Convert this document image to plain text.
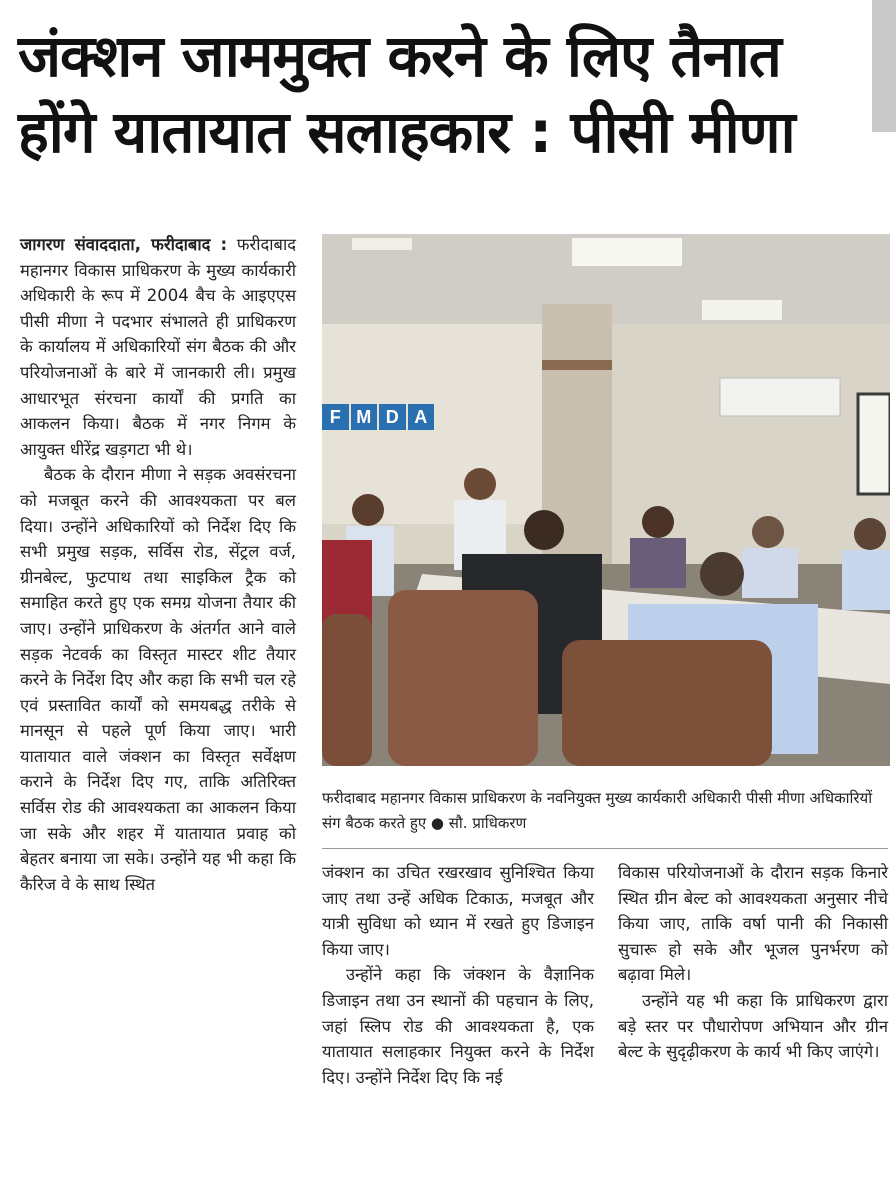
जंक्शन जाममुक्त करने के लिए तैनात
होंगे यातायात सलाहकार : पीसी मीणा

जागरण संवाददाता, फरीदाबाद : फरीदाबाद महानगर विकास प्राधिकरण के मुख्य कार्यकारी अधिकारी के रूप में 2004 बैच के आइएएस पीसी मीणा ने पदभार संभालते ही प्राधिकरण के कार्यालय में अधिकारियों संग बैठक की और परियोजनाओं के बारे में जानकारी ली। प्रमुख आधारभूत संरचना कार्यों की प्रगति का आकलन किया। बैठक में नगर निगम के आयुक्त धीरेंद्र खड़गटा भी थे।

बैठक के दौरान मीणा ने सड़क अवसंरचना को मजबूत करने की आवश्यकता पर बल दिया। उन्होंने अधिकारियों को निर्देश दिए कि सभी प्रमुख सड़क, सर्विस रोड, सेंट्रल वर्ज, ग्रीनबेल्ट, फुटपाथ तथा साइकिल ट्रैक को समाहित करते हुए एक समग्र योजना तैयार की जाए। उन्होंने प्राधिकरण के अंतर्गत आने वाले सड़क नेटवर्क का विस्तृत मास्टर शीट तैयार करने के निर्देश दिए और कहा कि सभी चल रहे एवं प्रस्तावित कार्यों को समयबद्ध तरीके से मानसून से पहले पूर्ण किया जाए। भारी यातायात वाले जंक्शन का विस्तृत सर्वेक्षण कराने के निर्देश दिए गए, ताकि अतिरिक्त सर्विस रोड की आवश्यकता का आकलन किया जा सके और शहर में यातायात प्रवाह को बेहतर बनाया जा सके। उन्होंने यह भी कहा कि कैरिज वे के साथ स्थित

F M D A
फरीदाबाद महानगर विकास प्राधिकरण के नवनियुक्त मुख्य कार्यकारी अधिकारी पीसी मीणा अधिकारियों संग बैठक करते हुए ● सौ. प्राधिकरण

जंक्शन का उचित रखरखाव सुनिश्चित किया जाए तथा उन्हें अधिक टिकाऊ, मजबूत और यात्री सुविधा को ध्यान में रखते हुए डिजाइन किया जाए।

उन्होंने कहा कि जंक्शन के वैज्ञानिक डिजाइन तथा उन स्थानों की पहचान के लिए, जहां स्लिप रोड की आवश्यकता है, एक यातायात सलाहकार नियुक्त करने के निर्देश दिए। उन्होंने निर्देश दिए कि नई

विकास परियोजनाओं के दौरान सड़क किनारे स्थित ग्रीन बेल्ट को आवश्यकता अनुसार नीचे किया जाए, ताकि वर्षा पानी की निकासी सुचारू हो सके और भूजल पुनर्भरण को बढ़ावा मिले।

उन्होंने यह भी कहा कि प्राधिकरण द्वारा बड़े स्तर पर पौधारोपण अभियान और ग्रीन बेल्ट के सुदृढ़ीकरण के कार्य भी किए जाएंगे।
